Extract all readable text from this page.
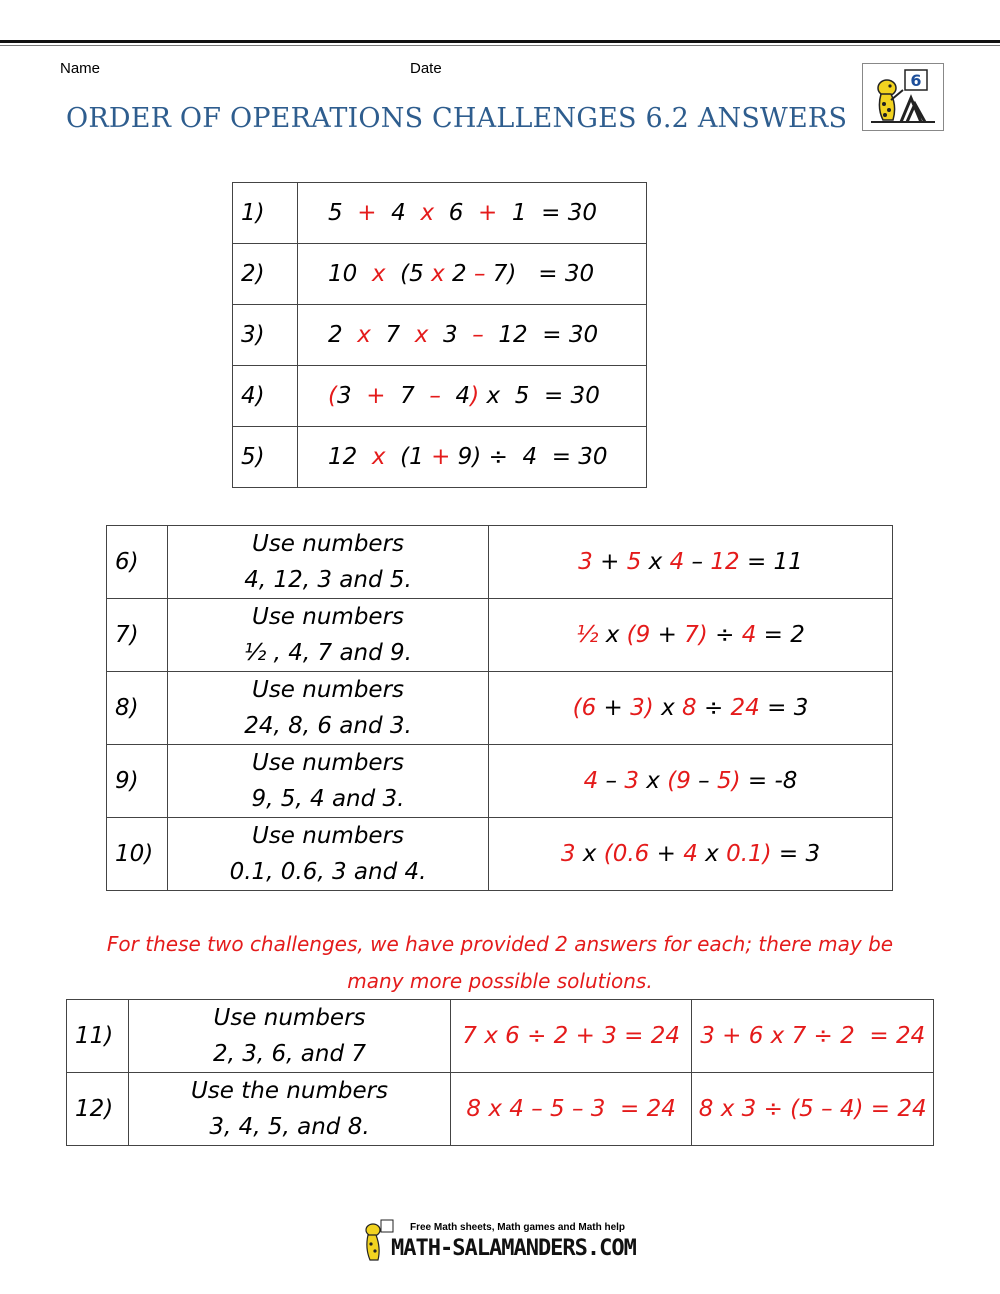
Name	Date
ORDER OF OPERATIONS CHALLENGES 6.2 ANSWERS
6
1)	5 + 4 x 6 + 1  = 30
2)	10  x  (5 x 2 – 7)   = 30
3)	2  x  7  x  3  –  12  = 30
4)	(3  +  7  –  4) x  5  = 30
5)	12  x  (1 + 9) ÷  4  = 30
6)	Use numbers
4, 12, 3 and 5.	3 + 5 x 4 – 12 = 11
7)	Use numbers
½ , 4, 7 and 9.	½ x (9 + 7) ÷ 4 = 2
8)	Use numbers
24, 8, 6 and 3.	(6 + 3) x 8 ÷ 24 = 3
9)	Use numbers
9, 5, 4 and 3.	4 – 3 x (9 – 5) = -8
10)	Use numbers
0.1, 0.6, 3 and 4.	3 x (0.6 + 4 x 0.1) = 3
For these two challenges, we have provided 2 answers for each; there may be
many more possible solutions.
11)	Use numbers
2, 3, 6, and 7	7 x 6 ÷ 2 + 3 = 24	3 + 6 x 7 ÷ 2  = 24
12)	Use the numbers
3, 4, 5, and 8.	8 x 4 – 5 – 3  = 24	8 x 3 ÷ (5 – 4) = 24
Free Math sheets, Math games and Math help
MATH-SALAMANDERS.COM
